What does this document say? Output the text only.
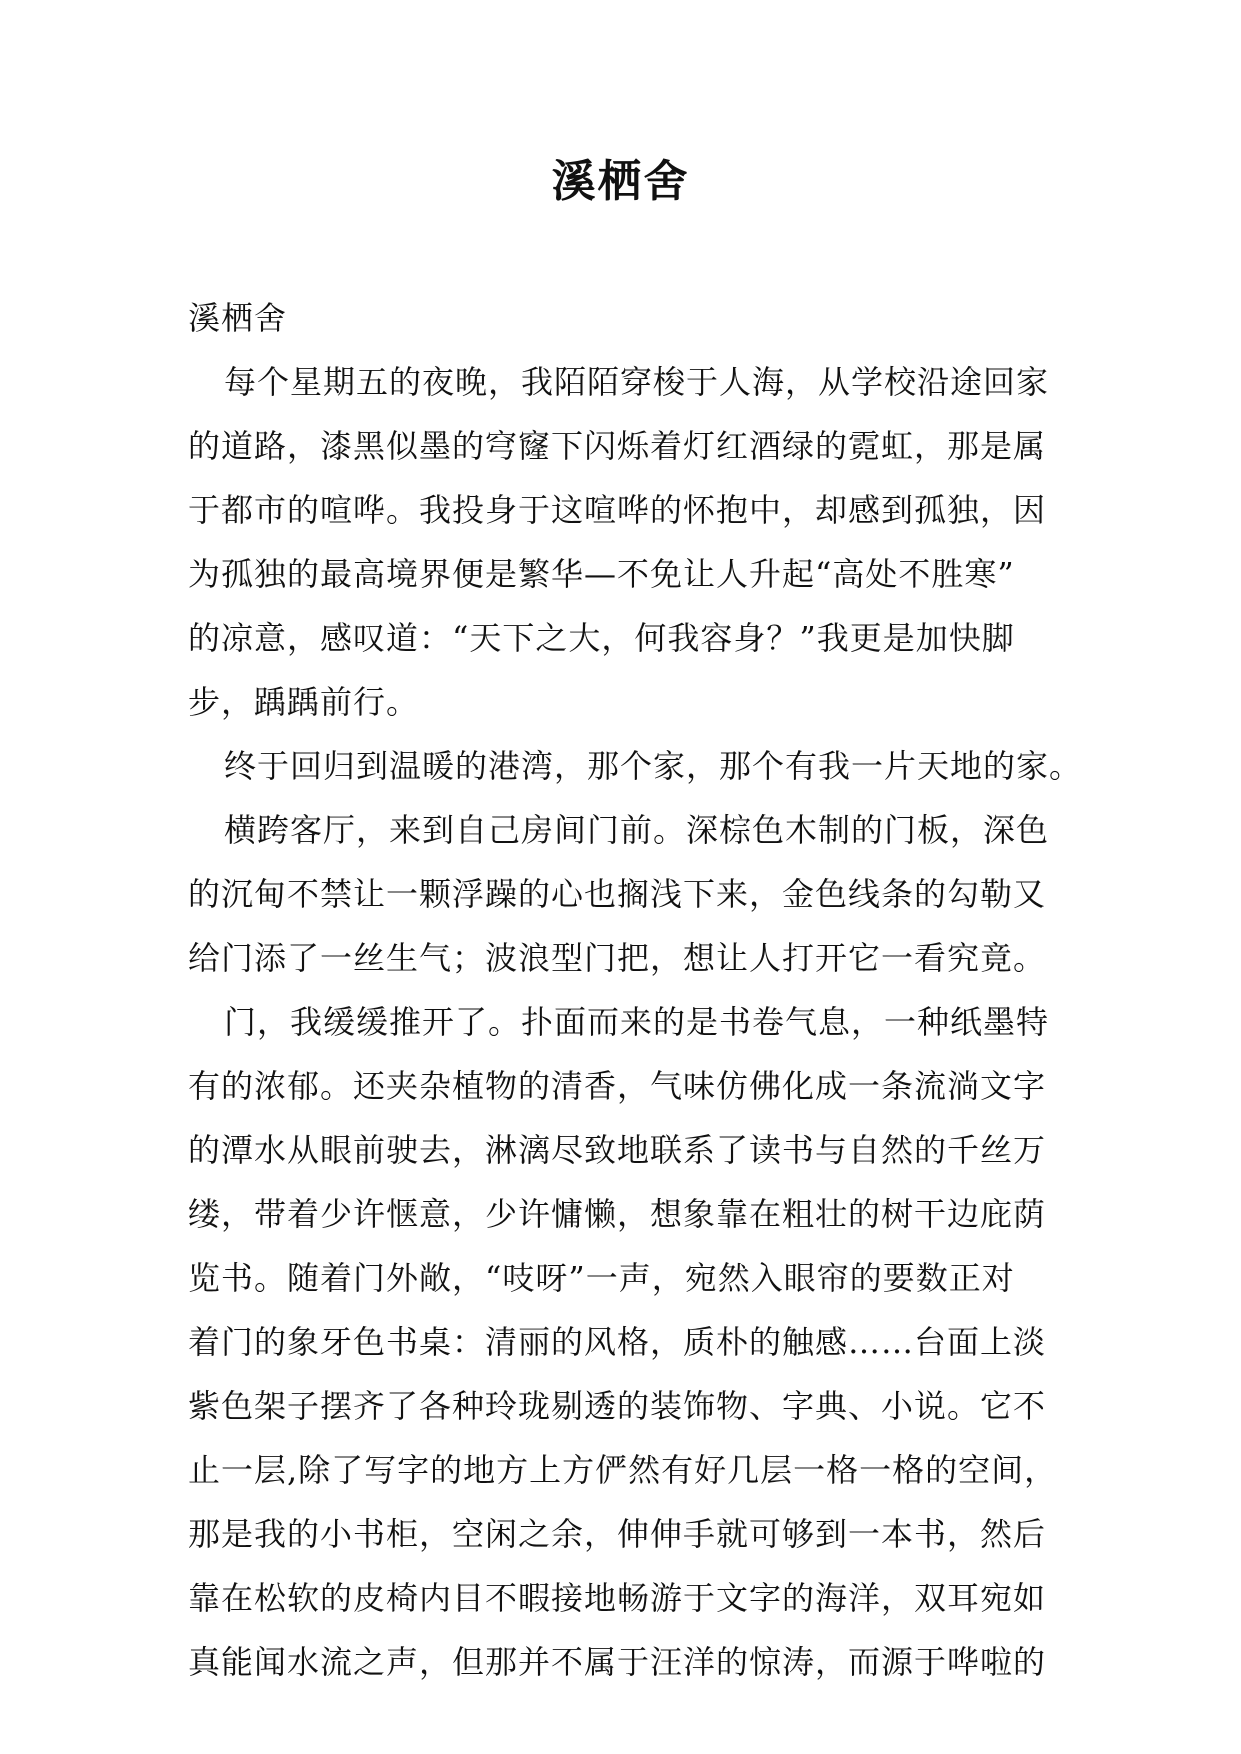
溪栖舍
溪栖舍
每个星期五的夜晚，我陌陌穿梭于人海，从学校沿途回家
的道路，漆黑似墨的穹窿下闪烁着灯红酒绿的霓虹，那是属
于都市的喧哗。我投身于这喧哗的怀抱中，却感到孤独，因
为孤独的最高境界便是繁华—不免让人升起“高处不胜寒”
的凉意，感叹道：“天下之大，何我容身？”我更是加快脚
步，踽踽前行。
终于回归到温暖的港湾，那个家，那个有我一片天地的家。
横跨客厅，来到自己房间门前。深棕色木制的门板，深色
的沉甸不禁让一颗浮躁的心也搁浅下来，金色线条的勾勒又
给门添了一丝生气；波浪型门把，想让人打开它一看究竟。
门，我缓缓推开了。扑面而来的是书卷气息，一种纸墨特
有的浓郁。还夹杂植物的清香，气味仿佛化成一条流淌文字
的潭水从眼前驶去，淋漓尽致地联系了读书与自然的千丝万
缕，带着少许惬意，少许慵懒，想象靠在粗壮的树干边庇荫
览书。随着门外敞，“吱呀”一声，宛然入眼帘的要数正对
着门的象牙色书桌：清丽的风格，质朴的触感……台面上淡
紫色架子摆齐了各种玲珑剔透的装饰物、字典、小说。它不
止一层,除了写字的地方上方俨然有好几层一格一格的空间，
那是我的小书柜，空闲之余，伸伸手就可够到一本书，然后
靠在松软的皮椅内目不暇接地畅游于文字的海洋，双耳宛如
真能闻水流之声，但那并不属于汪洋的惊涛，而源于哗啦的
